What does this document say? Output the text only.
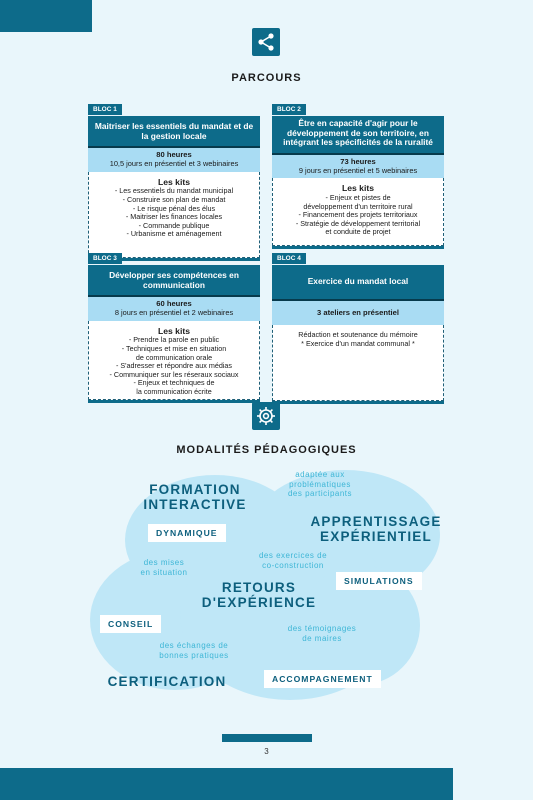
PARCOURS
BLOC 1
Maitriser les essentiels du mandat et de la gestion locale
80 heures
10,5 jours en présentiel et 3 webinaires
Les kits
- Les essentiels du mandat municipal
- Construire son plan de mandat
- Le risque pénal des élus
- Maitriser les finances locales
- Commande publique
- Urbanisme et aménagement
BLOC 2
Être en capacité d'agir pour le développement de son territoire, en intégrant les spécificités de la ruralité
73 heures
9 jours en présentiel et 5 webinaires
Les kits
- Enjeux et pistes de
développement d'un territoire rural
- Financement des projets territoriaux
- Stratégie de développement territorial
et conduite de projet
BLOC 3
Développer ses compétences en communication
60 heures
8 jours en présentiel et 2 webinaires
Les kits
- Prendre la parole en public
- Techniques et mise en situation
de communication orale
- S'adresser et répondre aux médias
- Communiquer sur les réseraux sociaux
- Enjeux et techniques de
la communication écrite
BLOC 4
Exercice du mandat local
3 ateliers en présentiel
Rédaction et soutenance du mémoire
* Exercice d'un mandat communal *
MODALITÉS PÉDAGOGIQUES
FORMATION
INTERACTIVE
adaptée aux
problématiques
des participants
DYNAMIQUE
APPRENTISSAGE
EXPÉRIENTIEL
des mises
en situation
des exercices de
co-construction
SIMULATIONS
RETOURS
D'EXPÉRIENCE
CONSEIL	des témoignages
de maires
des échanges de
bonnes pratiques
CERTIFICATION	ACCOMPAGNEMENT
3
